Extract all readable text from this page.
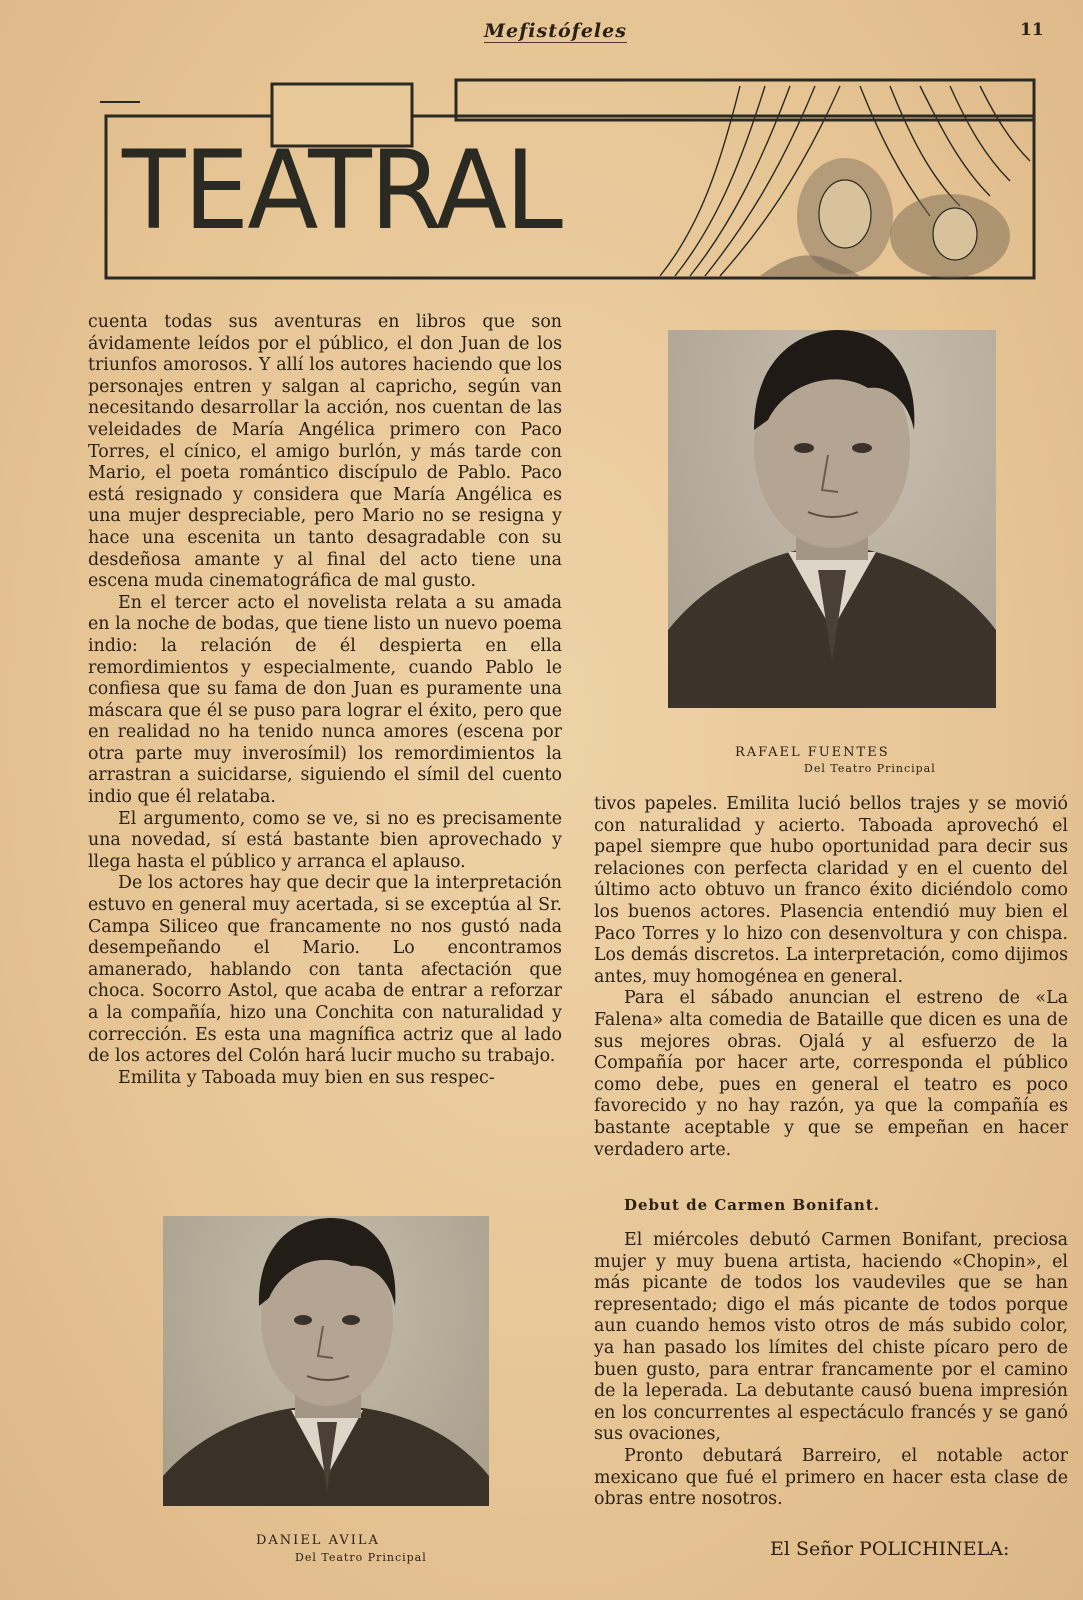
Mefistófeles	11
TEATRAL

cuenta todas sus aventuras en libros que son ávidamente leídos por el público, el don Juan de los triunfos amorosos. Y allí los autores haciendo que los personajes entren y salgan al capricho, según van necesitando desarrollar la acción, nos cuentan de las veleidades de María Angélica primero con Paco Torres, el cínico, el amigo burlón, y más tarde con Mario, el poeta romántico discípulo de Pablo. Paco está resignado y considera que María Angélica es una mujer despreciable, pero Mario no se resigna y hace una escenita un tanto desagradable con su desdeñosa amante y al final del acto tiene una escena muda cinematográfica de mal gusto.

En el tercer acto el novelista relata a su amada en la noche de bodas, que tiene listo un nuevo poema indio: la relación de él despierta en ella remordimientos y especialmente, cuando Pablo le confiesa que su fama de don Juan es puramente una máscara que él se puso para lograr el éxito, pero que en realidad no ha tenido nunca amores (escena por otra parte muy inverosímil) los remordimientos la arrastran a suicidarse, siguiendo el símil del cuento indio que él relataba.

El argumento, como se ve, si no es precisamente una novedad, sí está bastante bien aprovechado y llega hasta el público y arranca el aplauso.

De los actores hay que decir que la interpretación estuvo en general muy acertada, si se exceptúa al Sr. Campa Siliceo que francamente no nos gustó nada desempeñando el Mario. Lo encontramos amanerado, hablando con tanta afectación que choca. Socorro Astol, que acaba de entrar a reforzar a la compañía, hizo una Conchita con naturalidad y corrección. Es esta una magnífica actriz que al lado de los actores del Colón hará lucir mucho su trabajo.

Emilita y Taboada muy bien en sus respec-

RAFAEL FUENTES
Del Teatro Principal

tivos papeles. Emilita lució bellos trajes y se movió con naturalidad y acierto. Taboada aprovechó el papel siempre que hubo oportunidad para decir sus relaciones con perfecta claridad y en el cuento del último acto obtuvo un franco éxito diciéndolo como los buenos actores. Plasencia entendió muy bien el Paco Torres y lo hizo con desenvoltura y con chispa. Los demás discretos. La interpretación, como dijimos antes, muy homogénea en general.

Para el sábado anuncian el estreno de «La Falena» alta comedia de Bataille que dicen es una de sus mejores obras. Ojalá y al esfuerzo de la Compañía por hacer arte, corresponda el público como debe, pues en general el teatro es poco favorecido y no hay razón, ya que la compañía es bastante aceptable y que se empeñan en hacer verdadero arte.

Debut de Carmen Bonifant.

El miércoles debutó Carmen Bonifant, preciosa mujer y muy buena artista, haciendo «Chopin», el más picante de todos los vaudeviles que se han representado; digo el más picante de todos porque aun cuando hemos visto otros de más subido color, ya han pasado los límites del chiste pícaro pero de buen gusto, para entrar francamente por el camino de la leperada. La debutante causó buena impresión en los concurrentes al espectáculo francés y se ganó sus ovaciones,

Pronto debutará Barreiro, el notable actor mexicano que fué el primero en hacer esta clase de obras entre nosotros.

El Señor POLICHINELA:
DANIEL AVILA
Del Teatro Principal
